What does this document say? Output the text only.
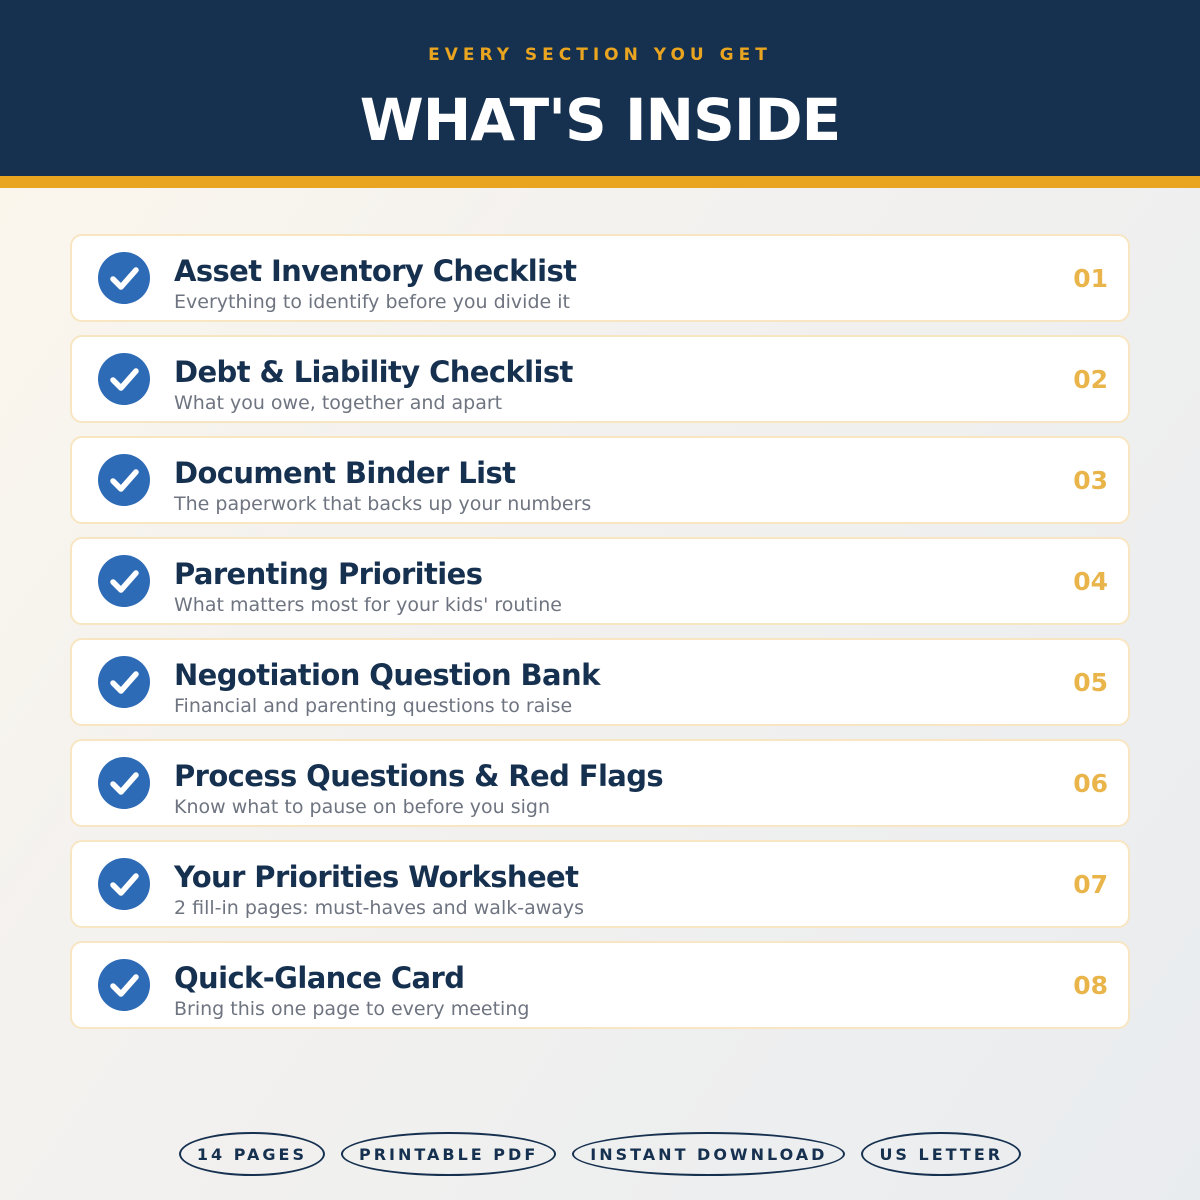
EVERY SECTION YOU GET
WHAT'S INSIDE
Asset Inventory Checklist
Everything to identify before you divide it
01
Debt & Liability Checklist
What you owe, together and apart
02
Document Binder List
The paperwork that backs up your numbers
03
Parenting Priorities
What matters most for your kids' routine
04
Negotiation Question Bank
Financial and parenting questions to raise
05
Process Questions & Red Flags
Know what to pause on before you sign
06
Your Priorities Worksheet
2 fill-in pages: must-haves and walk-aways
07
Quick-Glance Card
Bring this one page to every meeting
08
14 PAGES	PRINTABLE PDF	INSTANT DOWNLOAD	US LETTER
